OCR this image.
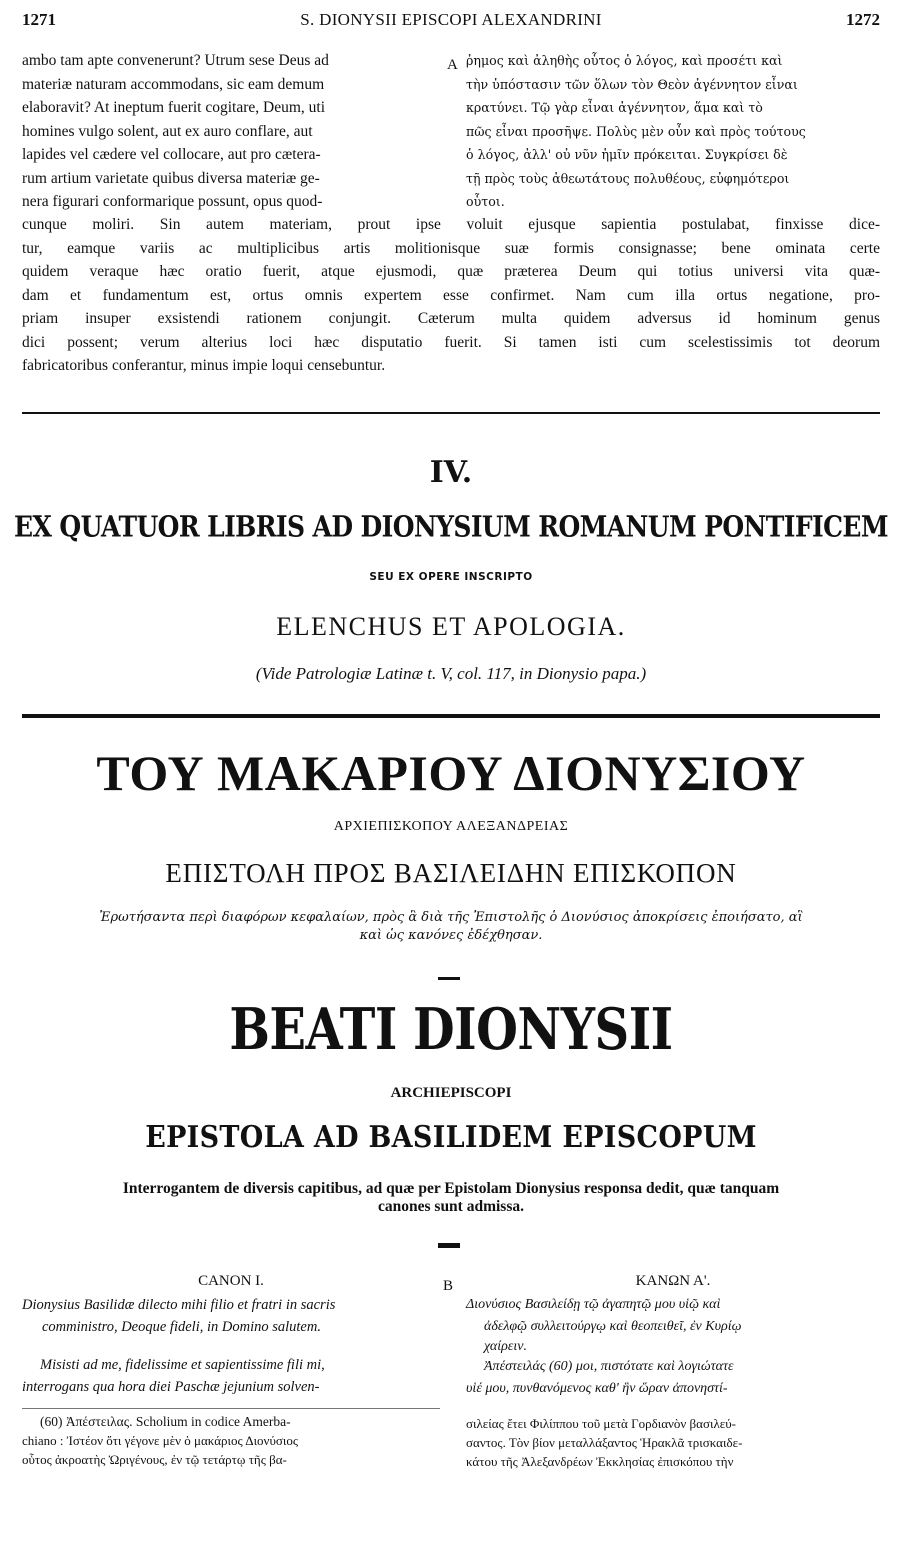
1271	S. DIONYSII EPISCOPI ALEXANDRINI	1272
ambo tam apte convenerunt? Utrum sese Deus ad
materiæ naturam accommodans, sic eam demum
elaboravit? At ineptum fuerit cogitare, Deum, uti
homines vulgo solent, aut ex auro conflare, aut
lapides vel cædere vel collocare, aut pro cætera-
rum artium varietate quibus diversa materiæ ge-
nera figurari conformarique possunt, opus quod-
A ῤημος καὶ ἀληθὴς οὗτος ὁ λόγος, καὶ προσέτι καὶ
τὴν ὑπόστασιν τῶν ὅλων τὸν Θεὸν ἀγέννητον εἶναι
κρατύνει. Τῷ γὰρ εἶναι ἀγέννητον, ἅμα καὶ τὸ
πῶς εἶναι προσῆψε. Πολὺς μὲν οὖν καὶ πρὸς τούτους
ὁ λόγος, ἀλλ' οὐ νῦν ἡμῖν πρόκειται. Συγκρίσει δὲ
τῇ πρὸς τοὺς ἀθεωτάτους πολυθέους, εὐφημότεροι
οὗτοι.
cunque moliri. Sin autem materiam, prout ipse voluit ejusque sapientia postulabat, finxisse dice-
tur, eamque variis ac multiplicibus artis molitionisque suæ formis consignasse; bene ominata certe
quidem veraque hæc oratio fuerit, atque ejusmodi, quæ præterea Deum qui totius universi vita quæ-
dam et fundamentum est, ortus omnis expertem esse confirmet. Nam cum illa ortus negatione, pro-
priam insuper exsistendi rationem conjungit. Cæterum multa quidem adversus id hominum genus
dici possent; verum alterius loci hæc disputatio fuerit. Si tamen isti cum scelestissimis tot deorum
fabricatoribus conferantur, minus impie loqui censebuntur.
IV.
EX QUATUOR LIBRIS AD DIONYSIUM ROMANUM PONTIFICEM
SEU EX OPERE INSCRIPTO
ELENCHUS ET APOLOGIA.
(Vide Patrologiæ Latinæ t. V, col. 117, in Dionysio papa.)
ΤΟΥ ΜΑΚΑΡΙΟΥ ΔΙΟΝΥΣΙΟΥ
ΑΡΧΙΕΠΙΣΚΟΠΟΥ ΑΛΕΞΑΝΔΡΕΙΑΣ
ΕΠΙΣΤΟΛΗ ΠΡΟΣ ΒΑΣΙΛΕΙΔΗΝ ΕΠΙΣΚΟΠΟΝ
Ἐρωτήσαντα περὶ διαφόρων κεφαλαίων, πρὸς ἃ διὰ τῆς Ἐπιστολῆς ὁ Διονύσιος ἀποκρίσεις ἐποιήσατο, αἳ
καὶ ὡς κανόνες ἐδέχθησαν.
BEATI DIONYSII
ARCHIEPISCOPI
EPISTOLA AD BASILIDEM EPISCOPUM
Interrogantem de diversis capitibus, ad quæ per Epistolam Dionysius responsa dedit, quæ tanquam
canones sunt admissa.
CANON I.
Dionysius Basilidæ dilecto mihi filio et fratri in sacris
comministro, Deoque fideli, in Domino salutem.
Misisti ad me, fidelissime et sapientissime fili mi,
interrogans qua hora diei Paschæ jejunium solven-
(60) Ἀπέστειλας. Scholium in codice Amerba-
chiano : Ἰστέον ὅτι γέγονε μὲν ὁ μακάριος Διονύσιος
οὗτος ἀκροατὴς Ὠριγένους, ἐν τῷ τετάρτῳ τῆς βα-
B	ΚΑΝΩΝ Α'.
Διονύσιος Βασιλείδῃ τῷ ἀγαπητῷ μου υἱῷ καὶ
ἀδελφῷ συλλειτούργῳ καὶ θεοπειθεῖ, ἐν Κυρίῳ
χαίρειν.
Ἀπέστειλάς (60) μοι, πιστότατε καὶ λογιώτατε
υἱέ μου, πυνθανόμενος καθ' ἣν ὥραν ἀπονηστί-
σιλείας ἔτει Φιλίππου τοῦ μετὰ Γορδιανὸν βασιλεύ-
σαντος. Τὸν βίον μεταλλάξαντος Ἡρακλᾶ τρισκαιδε-
κάτου τῆς Ἀλεξανδρέων Ἐκκλησίας ἐπισκόπου τὴν
